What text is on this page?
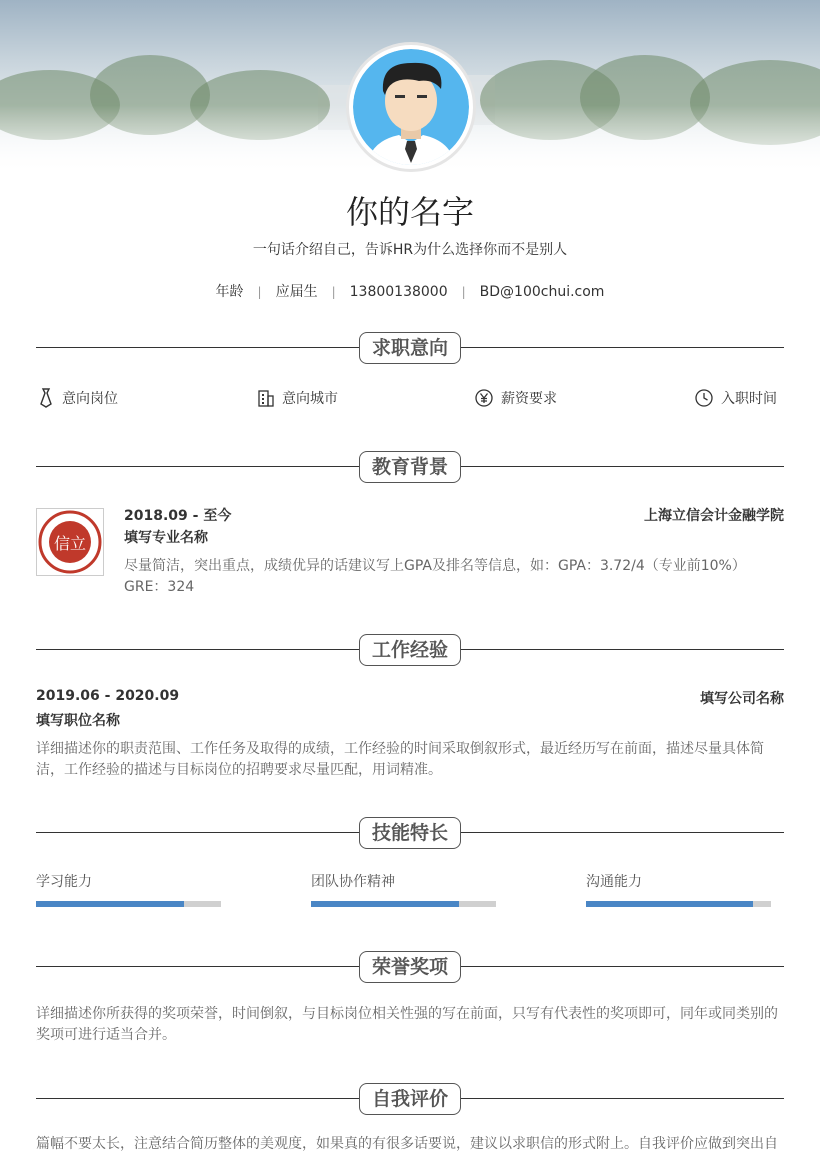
你的名字
一句话介绍自己，告诉HR为什么选择你而不是别人
年龄 | 应届生 | 13800138000 | BD@100chui.com
求职意向
意向岗位	意向城市	薪资要求	入职时间
教育背景
信立
2018.09 - 至今	上海立信会计金融学院
填写专业名称
尽量简洁，突出重点，成绩优异的话建议写上GPA及排名等信息，如：GPA：3.72/4（专业前10%） GRE：324
工作经验
2019.06 - 2020.09	填写公司名称
填写职位名称
详细描述你的职责范围、工作任务及取得的成绩，工作经验的时间采取倒叙形式，最近经历写在前面，描述尽量具体简洁，工作经验的描述与目标岗位的招聘要求尽量匹配，用词精准。
技能特长
学习能力	团队协作精神	沟通能力
荣誉奖项
详细描述你所获得的奖项荣誉，时间倒叙，与目标岗位相关性强的写在前面，只写有代表性的奖项即可，同年或同类别的奖项可进行适当合并。
自我评价
篇幅不要太长，注意结合简历整体的美观度，如果真的有很多话要说，建议以求职信的形式附上。自我评价应做到突出自
